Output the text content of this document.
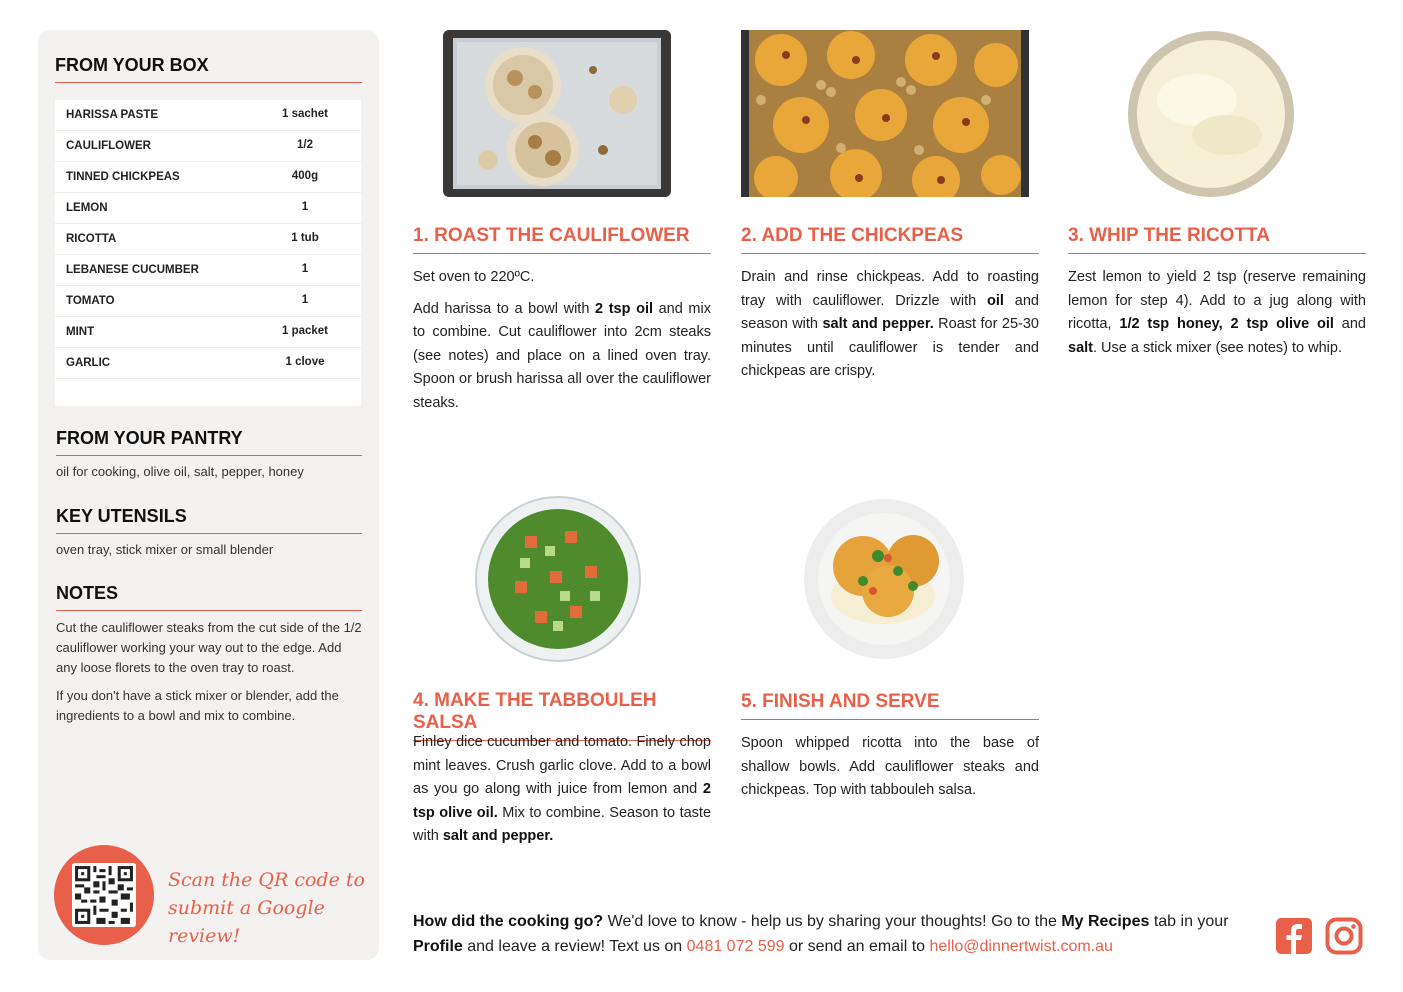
FROM YOUR BOX
HARISSA PASTE	1 sachet
CAULIFLOWER	1/2
TINNED CHICKPEAS	400g
LEMON	1
RICOTTA	1 tub
LEBANESE CUCUMBER	1
TOMATO	1
MINT	1 packet
GARLIC	1 clove
FROM YOUR PANTRY
oil for cooking, olive oil, salt, pepper, honey
KEY UTENSILS
oven tray, stick mixer or small blender
NOTES
Cut the cauliflower steaks from the cut side of the 1/2 cauliflower working your way out to the edge. Add any loose florets to the oven tray to roast.
If you don't have a stick mixer or blender, add the ingredients to a bowl and mix to combine.
Scan the QR code to
submit a Google review!
1. ROAST THE CAULIFLOWER

Set oven to 220ºC.

Add harissa to a bowl with 2 tsp oil and mix to combine. Cut cauliflower into 2cm steaks (see notes) and place on a lined oven tray. Spoon or brush harissa all over the cauliflower steaks.

2. ADD THE CHICKPEAS

Drain and rinse chickpeas. Add to roasting tray with cauliflower. Drizzle with oil and season with salt and pepper. Roast for 25-30 minutes until cauliflower is tender and chickpeas are crispy.

3. WHIP THE RICOTTA

Zest lemon to yield 2 tsp (reserve remaining lemon for step 4). Add to a jug along with ricotta, 1/2 tsp honey, 2 tsp olive oil and salt. Use a stick mixer (see notes) to whip.

4. MAKE THE TABBOULEH SALSA

Finley dice cucumber and tomato. Finely chop mint leaves. Crush garlic clove. Add to a bowl as you go along with juice from lemon and 2 tsp olive oil. Mix to combine. Season to taste with salt and pepper.

5. FINISH AND SERVE

Spoon whipped ricotta into the base of shallow bowls. Add cauliflower steaks and chickpeas. Top with tabbouleh salsa.

How did the cooking go? We'd love to know - help us by sharing your thoughts! Go to the My Recipes tab in your Profile and leave a review! Text us on 0481 072 599 or send an email to hello@dinnertwist.com.au
